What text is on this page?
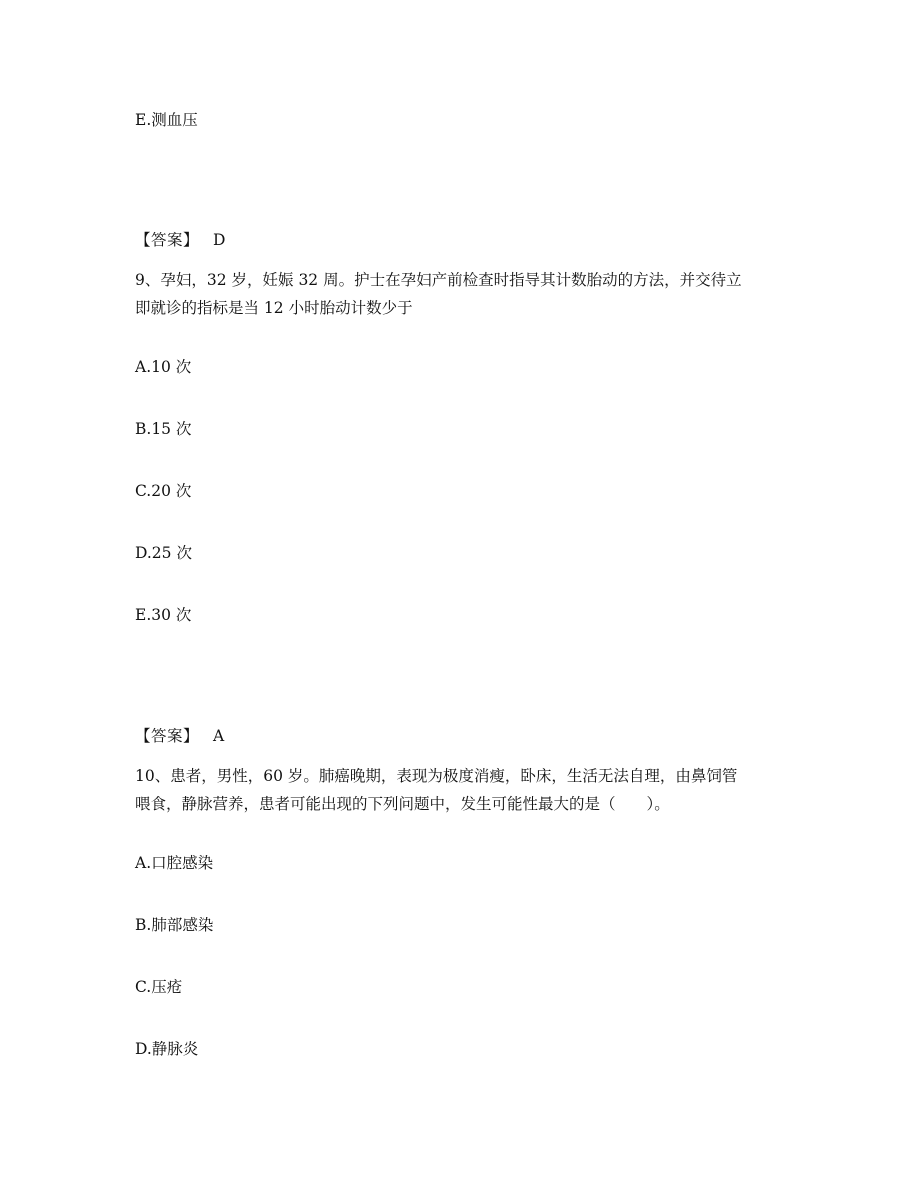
E.测血压
【答案】 D
9、孕妇，32 岁，妊娠 32 周。护士在孕妇产前检查时指导其计数胎动的方法，并交待立
即就诊的指标是当 12 小时胎动计数少于
A.10 次
B.15 次
C.20 次
D.25 次
E.30 次
【答案】 A
10、患者，男性，60 岁。肺癌晚期，表现为极度消瘦，卧床，生活无法自理，由鼻饲管
喂食，静脉营养，患者可能出现的下列问题中，发生可能性最大的是（　　）。
A.口腔感染
B.肺部感染
C.压疮
D.静脉炎
